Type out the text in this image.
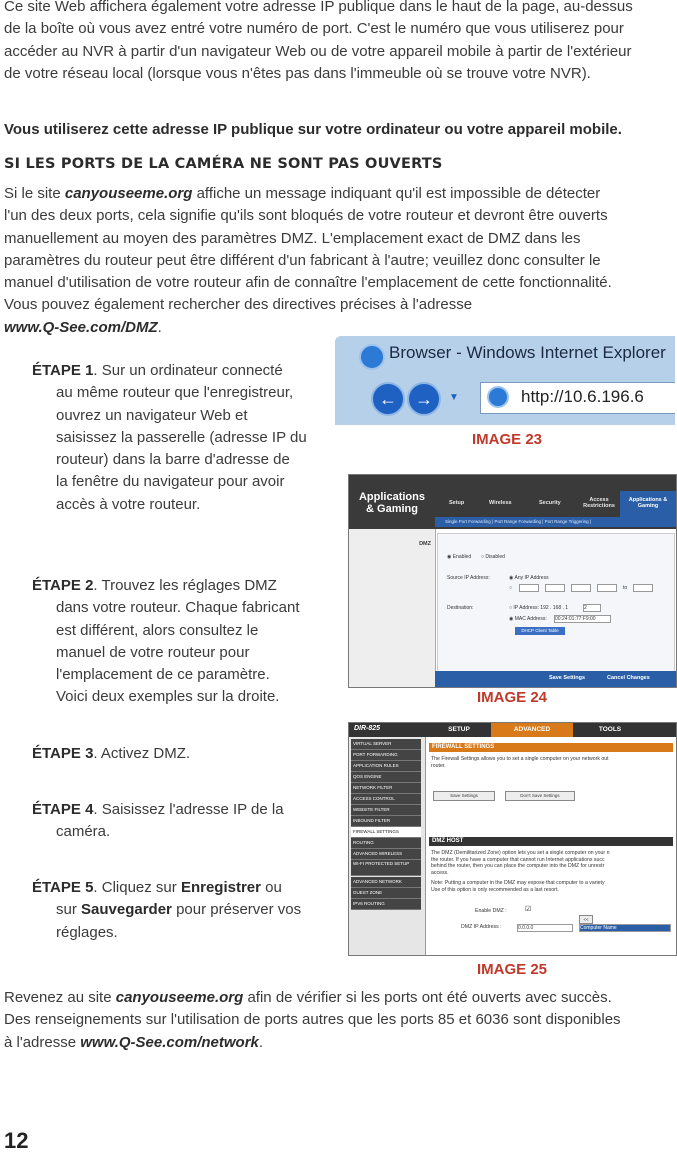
Ce site Web affichera également votre adresse IP publique dans le haut de la page, au-dessus
de la boîte où vous avez entré votre numéro de port. C'est le numéro que vous utiliserez pour
accéder au NVR à partir d'un navigateur Web ou de votre appareil mobile à partir de l'extérieur
de votre réseau local (lorsque vous n'êtes pas dans l'immeuble où se trouve votre NVR).
Vous utiliserez cette adresse IP publique sur votre ordinateur ou votre appareil mobile.
SI LES PORTS DE LA CAMÉRA NE SONT PAS OUVERTS
Si le site canyouseeme.org affiche un message indiquant qu'il est impossible de détecter
l'un des deux ports, cela signifie qu'ils sont bloqués de votre routeur et devront être ouverts
manuellement au moyen des paramètres DMZ. L'emplacement exact de DMZ dans les
paramètres du routeur peut être différent d'un fabricant à l'autre; veuillez donc consulter le
manuel d'utilisation de votre routeur afin de connaître l'emplacement de cette fonctionnalité.
Vous pouvez également rechercher des directives précises à l'adresse
www.Q-See.com/DMZ.
ÉTAPE 1. Sur un ordinateur connecté
au même routeur que l'enregistreur,
ouvrez un navigateur Web et
saisissez la passerelle (adresse IP du
routeur) dans la barre d'adresse de
la fenêtre du navigateur pour avoir
accès à votre routeur.
ÉTAPE 2. Trouvez les réglages DMZ
dans votre routeur. Chaque fabricant
est différent, alors consultez le
manuel de votre routeur pour
l'emplacement de ce paramètre.
Voici deux exemples sur la droite.
ÉTAPE 3. Activez DMZ.
ÉTAPE 4. Saisissez l'adresse IP de la
caméra.
ÉTAPE 5. Cliquez sur Enregistrer ou
sur Sauvegarder pour préserver vos
réglages.
Browser - Windows Internet Explorer
←	→	▼	http://10.6.196.6
IMAGE 23
Applications & Gaming	Setup	Wireless	Security	Access Restrictions
Applications & Gaming
Single Port Forwarding | Port Range Forwarding | Port Range Triggering |
DMZ
◉ Enabled ○ Disabled
Source IP Address:	◉ Any IP Address
○	to
Destination:	○ IP Address: 192 . 168 . 1	2
◉ MAC Address: 00:24:01:77:F9:00
DHCP Client Table
Save Settings	Cancel Changes
IMAGE 24
DIR-825	SETUP	ADVANCED	TOOLS
VIRTUAL SERVER
PORT FORWARDING
APPLICATION RULES
QOS ENGINE
NETWORK FILTER
ACCESS CONTROL
WEBSITE FILTER
INBOUND FILTER
FIREWALL SETTINGS
ROUTING
ADVANCED WIRELESS
WI-FI PROTECTED SETUP
ADVANCED NETWORK
GUEST ZONE
IPV6 ROUTING
FIREWALL SETTINGS
The Firewall Settings allows you to set a single computer on your network out
router.
Save Settings	Don't Save Settings
DMZ HOST
The DMZ (Demilitarized Zone) option lets you set a single computer on your n
the router. If you have a computer that cannot run Internet applications succ
behind the router, then you can place the computer into the DMZ for unrestr
access.
Note: Putting a computer in the DMZ may expose that computer to a variety
Use of this option is only recommended as a last resort.
Enable DMZ :	☑
DMZ IP Address :	0.0.0.0
<<
Computer Name
IMAGE 25
Revenez au site canyouseeme.org afin de vérifier si les ports ont été ouverts avec succès.
Des renseignements sur l'utilisation de ports autres que les ports 85 et 6036 sont disponibles
à l'adresse www.Q-See.com/network.
12
